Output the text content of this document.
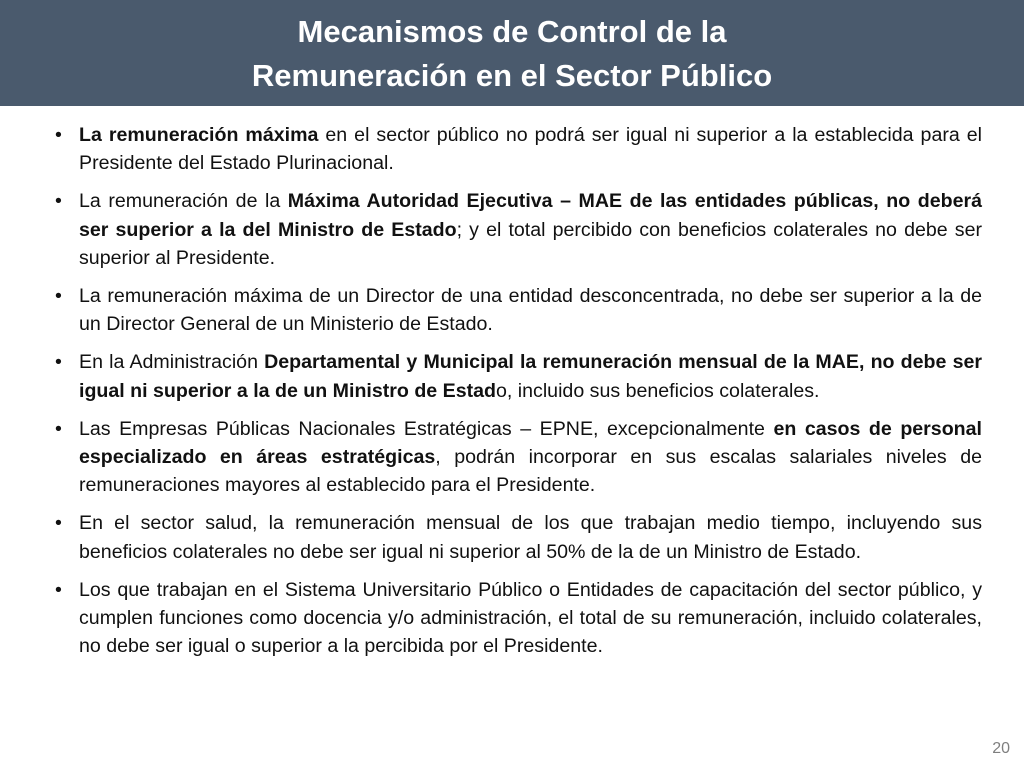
Mecanismos de Control de la
Remuneración en el Sector Público
• La remuneración máxima en el sector público no podrá ser igual ni superior a la establecida para el Presidente del Estado Plurinacional.
• La remuneración de la Máxima Autoridad Ejecutiva – MAE de las entidades públicas, no deberá ser superior a la del Ministro de Estado; y el total percibido con beneficios colaterales no debe ser superior al Presidente.
• La remuneración máxima de un Director de una entidad desconcentrada, no debe ser superior a la de un Director General de un Ministerio de Estado.
• En la Administración Departamental y Municipal la remuneración mensual de la MAE, no debe ser igual ni superior a la de un Ministro de Estado, incluido sus beneficios colaterales.
• Las Empresas Públicas Nacionales Estratégicas – EPNE, excepcionalmente en casos de personal especializado en áreas estratégicas, podrán incorporar en sus escalas salariales niveles de remuneraciones mayores al establecido para el Presidente.
• En el sector salud, la remuneración mensual de los que trabajan medio tiempo, incluyendo sus beneficios colaterales no debe ser igual ni superior al 50% de la de un Ministro de Estado.
• Los que trabajan en el Sistema Universitario Público o Entidades de capacitación del sector público, y cumplen funciones como docencia y/o administración, el total de su remuneración, incluido colaterales, no debe ser igual o superior a la percibida por el Presidente.
20
